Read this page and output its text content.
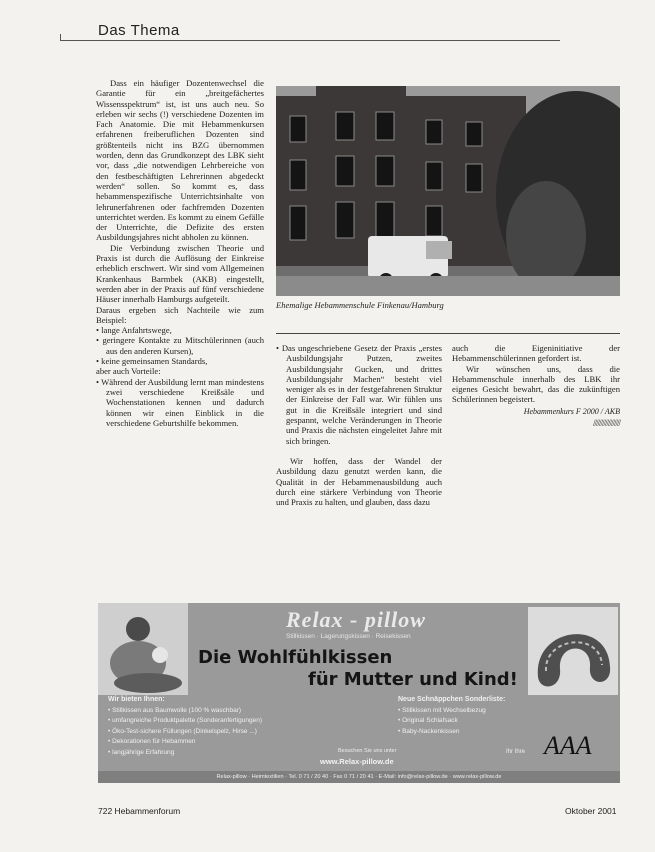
Das Thema

Dass ein häufiger Dozentenwechsel die Garantie für ein „breitgefächertes Wissensspektrum“ ist, ist uns auch neu. So erleben wir sechs (!) verschiedene Dozenten im Fach Anatomie. Die mit Hebammenkursen erfahrenen freiberuflichen Dozenten sind größtenteils nicht ins BZG übernommen worden, denn das Grundkonzept des LBK sieht vor, dass „die notwendigen Lehrbereiche von den festbeschäftigten Lehrerinnen abgedeckt werden“ sollen. So kommt es, dass hebammenspezifische Unterrichtsinhalte von lehrunerfahrenen oder fachfremden Dozenten unterrichtet werden. Es kommt zu einem Gefälle der Unterrichte, die Defizite des ersten Ausbildungsjahres nicht abholen zu können.

Die Verbindung zwischen Theorie und Praxis ist durch die Auflösung der Einkreise erheblich erschwert. Wir sind vom Allgemeinen Krankenhaus Barmbek (AKB) eingestellt, werden aber in der Praxis auf fünf verschiedene Häuser innerhalb Hamburgs aufgeteilt.

Daraus ergeben sich Nachteile wie zum Beispiel:

• lange Anfahrtswege,

• geringere Kontakte zu Mitschülerinnen (auch aus den anderen Kursen),

• keine gemeinsamen Standards,

aber auch Vorteile:

• Während der Ausbildung lernt man mindestens zwei verschiedene Kreißsäle und Wochenstationen kennen und dadurch können wir einen Einblick in die verschiedene Geburtshilfe bekommen.

Ehemalige Hebammenschule Finkenau/Hamburg

• Das ungeschriebene Gesetz der Praxis „erstes Ausbildungsjahr Putzen, zweites Ausbildungsjahr Gucken, und drittes Ausbildungsjahr Machen“ besteht viel weniger als es in der festgefahrenen Struktur der Einkreise der Fall war. Wir fühlen uns gut in die Kreißsäle integriert und sind gespannt, welche Veränderungen in Theorie und Praxis die nächsten eingeleitet Jahre mit sich bringen.

Wir hoffen, dass der Wandel der Ausbildung dazu genutzt werden kann, die Qualität in der Hebammenausbildung auch durch eine stärkere Verbindung von Theorie und Praxis zu halten, und glauben, dass dazu

auch die Eigeninitiative der Hebammenschülerinnen gefordert ist.

Wir wünschen uns, dass die Hebammenschule innerhalb des LBK ihr eigenes Gesicht bewahrt, das die zukünftigen Schülerinnen begeistert.

Hebammenkurs F 2000 / AKB
//////////////////
Relax - pillow
Stillkissen · Lagerungskissen · Reisekissen
Die Wohlfühlkissen
für Mutter und Kind!
Wir bieten Ihnen:
• Stillkissen aus Baumwolle (100 % waschbar)
• umfangreiche Produktpalette (Sonderanfertigungen)
• Öko-Test-sichere Füllungen (Dinkelspelz, Hirse ...)
• Dekorationen für Hebammen
• langjährige Erfahrung
Neue Schnäppchen Sonderliste:
• Stillkissen mit Wechselbezug
• Original Schlafsack
• Baby-Nackenkissen
Besuchen Sie uns unter
www.Relax-pillow.de
Ihr Ihre AAA
Relax-pillow · Heimtextilien · Tel. 0 71 / 20 40 · Fax 0 71 / 20 41 · E-Mail: info@relax-pillow.de · www.relax-pillow.de
722 Hebammenforum	Oktober 2001
